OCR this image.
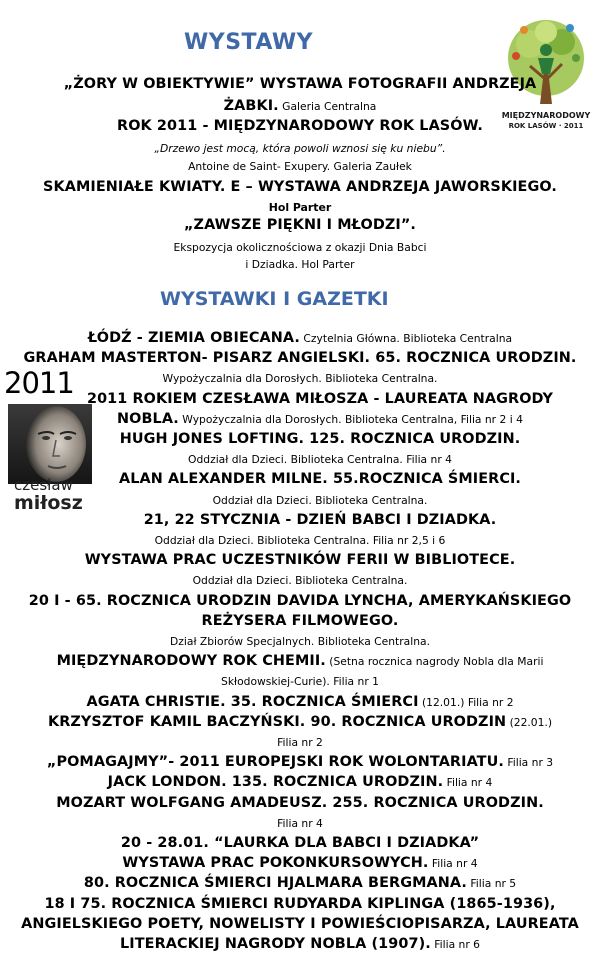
WYSTAWY
MIĘDZYNARODOWY
ROK LASÓW · 2011
„ŻORY W OBIEKTYWIE” WYSTAWA FOTOGRAFII ANDRZEJA
ŻABKI. Galeria Centralna
ROK 2011 - MIĘDZYNARODOWY ROK LASÓW.
„Drzewo jest mocą, która powoli wznosi się ku niebu”.
Antoine de Saint- Exupery. Galeria Zaułek
SKAMIENIAŁE KWIATY. E – WYSTAWA ANDRZEJA JAWORSKIEGO.
Hol Parter
„ZAWSZE PIĘKNI I MŁODZI”.
Ekspozycja okolicznościowa z okazji Dnia Babci
i Dziadka. Hol Parter
WYSTAWKI I GAZETKI
2011
czesław
miłosz
ŁÓDŹ - ZIEMIA OBIECANA. Czytelnia Główna. Biblioteka Centralna
GRAHAM MASTERTON- PISARZ ANGIELSKI. 65. ROCZNICA URODZIN.
Wypożyczalnia dla Dorosłych. Biblioteka Centralna.
2011 ROKIEM CZESŁAWA MIŁOSZA - LAUREATA NAGRODY
NOBLA. Wypożyczalnia dla Dorosłych. Biblioteka Centralna, Filia nr 2 i 4
HUGH JONES LOFTING. 125. ROCZNICA URODZIN.
Oddział dla Dzieci. Biblioteka Centralna. Filia nr 4
ALAN ALEXANDER MILNE. 55.ROCZNICA ŚMIERCI.
Oddział dla Dzieci. Biblioteka Centralna.
21, 22 STYCZNIA - DZIEŃ BABCI I DZIADKA.
Oddział dla Dzieci. Biblioteka Centralna. Filia nr 2,5 i 6
WYSTAWA PRAC UCZESTNIKÓW FERII W BIBLIOTECE.
Oddział dla Dzieci. Biblioteka Centralna.
20 I - 65. ROCZNICA URODZIN DAVIDA LYNCHA, AMERYKAŃSKIEGO
REŻYSERA FILMOWEGO.
Dział Zbiorów Specjalnych. Biblioteka Centralna.
MIĘDZYNARODOWY ROK CHEMII. (Setna rocznica nagrody Nobla dla Marii
Skłodowskiej-Curie). Filia nr 1
AGATA CHRISTIE. 35. ROCZNICA ŚMIERCI (12.01.) Filia nr 2
KRZYSZTOF KAMIL BACZYŃSKI. 90. ROCZNICA URODZIN (22.01.)
Filia nr 2
„POMAGAJMY”- 2011 EUROPEJSKI ROK WOLONTARIATU. Filia nr 3
JACK LONDON. 135. ROCZNICA URODZIN. Filia nr 4
MOZART WOLFGANG AMADEUSZ. 255. ROCZNICA URODZIN.
Filia nr 4
20 - 28.01. “LAURKA DLA BABCI I DZIADKA”
WYSTAWA PRAC POKONKURSOWYCH. Filia nr 4
80. ROCZNICA ŚMIERCI HJALMARA BERGMANA. Filia nr 5
18 I 75. ROCZNICA ŚMIERCI RUDYARDA KIPLINGA (1865-1936),
ANGIELSKIEGO POETY, NOWELISTY I POWIEŚCIOPISARZA, LAUREATA
LITERACKIEJ NAGRODY NOBLA (1907). Filia nr 6
